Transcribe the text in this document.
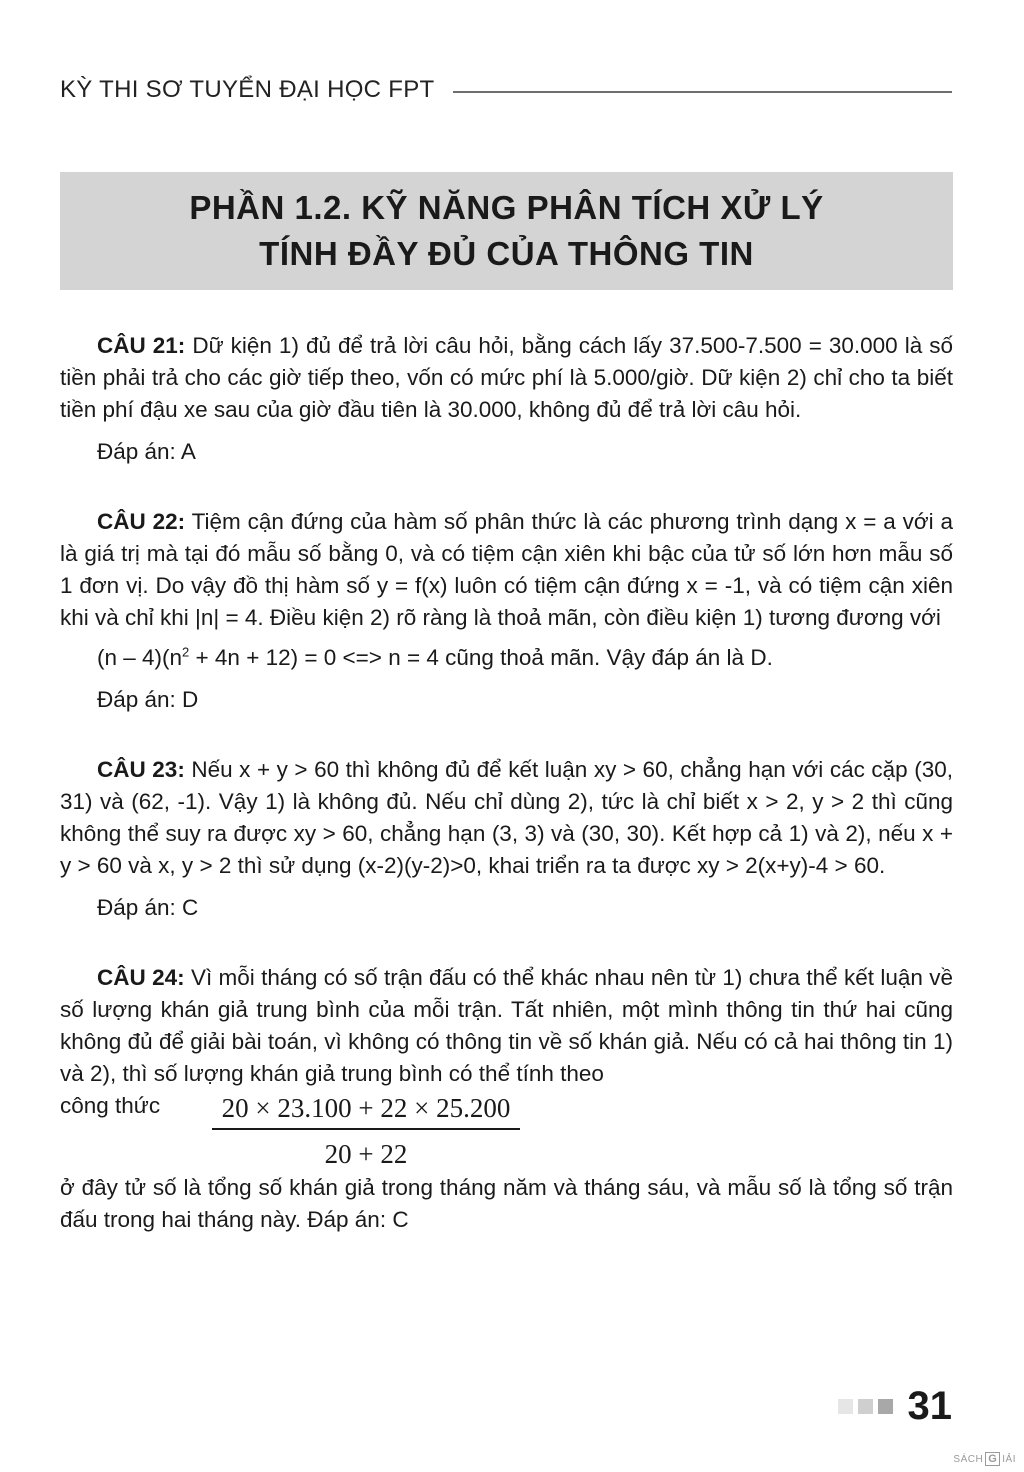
KỲ THI SƠ TUYỂN ĐẠI HỌC FPT
PHẦN 1.2. KỸ NĂNG PHÂN TÍCH XỬ LÝ
TÍNH ĐẦY ĐỦ CỦA THÔNG TIN

CÂU 21: Dữ kiện 1) đủ để trả lời câu hỏi, bằng cách lấy 37.500-7.500 = 30.000 là số tiền phải trả cho các giờ tiếp theo, vốn có mức phí là 5.000/giờ. Dữ kiện 2) chỉ cho ta biết tiền phí đậu xe sau của giờ đầu tiên là 30.000, không đủ để trả lời câu hỏi.

Đáp án: A

CÂU 22: Tiệm cận đứng của hàm số phân thức là các phương trình dạng x = a với a là giá trị mà tại đó mẫu số bằng 0, và có tiệm cận xiên khi bậc của tử số lớn hơn mẫu số 1 đơn vị. Do vậy đồ thị hàm số y = f(x) luôn có tiệm cận đứng x = -1, và có tiệm cận xiên khi và chỉ khi |n| = 4. Điều kiện 2) rõ ràng là thoả mãn, còn điều kiện 1) tương đương với

$(n - 4)(n^2 + 4n + 12) = 0$ <=> n = 4 cũng thoả mãn. Vậy đáp án là D.

Đáp án: D

CÂU 23: Nếu x + y > 60 thì không đủ để kết luận xy > 60, chẳng hạn với các cặp (30, 31) và (62, -1). Vậy 1) là không đủ. Nếu chỉ dùng 2), tức là chỉ biết x > 2, y > 2 thì cũng không thể suy ra được xy > 60, chẳng hạn (3, 3) và (30, 30). Kết hợp cả 1) và 2), nếu x + y > 60 và x, y > 2 thì sử dụng (x-2)(y-2)>0, khai triển ra ta được xy > 2(x+y)-4 > 60.

Đáp án: C

CÂU 24: Vì mỗi tháng có số trận đấu có thể khác nhau nên từ 1) chưa thể kết luận về số lượng khán giả trung bình của mỗi trận. Tất nhiên, một mình thông tin thứ hai cũng không đủ để giải bài toán, vì không có thông tin về số khán giả. Nếu có cả hai thông tin 1) và 2), thì số lượng khán giả trung bình có thể tính theo

công thức	$\frac{20 \times 23.100 + 22 \times 25.200}{20 + 22}$

ở đây tử số là tổng số khán giả trong tháng năm và tháng sáu, và mẫu số là tổng số trận đấu trong hai tháng này. Đáp án: C

31
SÁCH G IẢI
